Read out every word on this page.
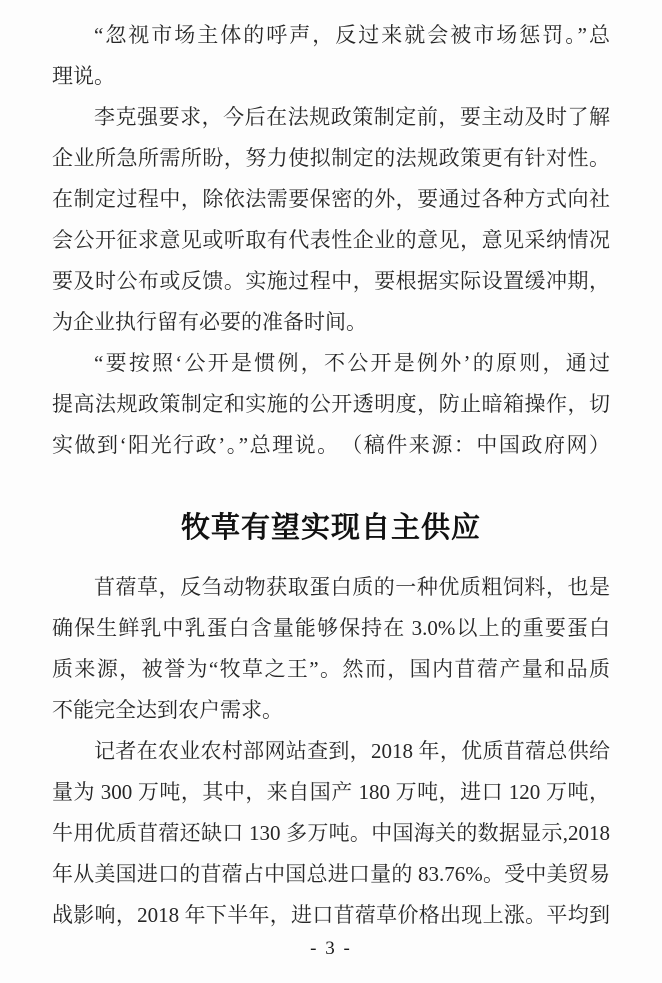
“忽视市场主体的呼声，反过来就会被市场惩罚。”总
理说。
李克强要求，今后在法规政策制定前，要主动及时了解
企业所急所需所盼，努力使拟制定的法规政策更有针对性。
在制定过程中，除依法需要保密的外，要通过各种方式向社
会公开征求意见或听取有代表性企业的意见，意见采纳情况
要及时公布或反馈。实施过程中，要根据实际设置缓冲期，
为企业执行留有必要的准备时间。
“要按照‘公开是惯例，不公开是例外’的原则，通过
提高法规政策制定和实施的公开透明度，防止暗箱操作，切
实做到‘阳光行政’。”总理说。　（稿件来源：中国政府网）
牧草有望实现自主供应
苜蓿草，反刍动物获取蛋白质的一种优质粗饲料，也是
确保生鲜乳中乳蛋白含量能够保持在 3.0%以上的重要蛋白
质来源，被誉为“牧草之王”。然而，国内苜蓿产量和品质
不能完全达到农户需求。
记者在农业农村部网站查到，2018 年，优质苜蓿总供给
量为 300 万吨，其中，来自国产 180 万吨，进口 120 万吨，
牛用优质苜蓿还缺口 130 多万吨。中国海关的数据显示,2018
年从美国进口的苜蓿占中国总进口量的 83.76%。受中美贸易
战影响，2018 年下半年，进口苜蓿草价格出现上涨。平均到
- 3 -
